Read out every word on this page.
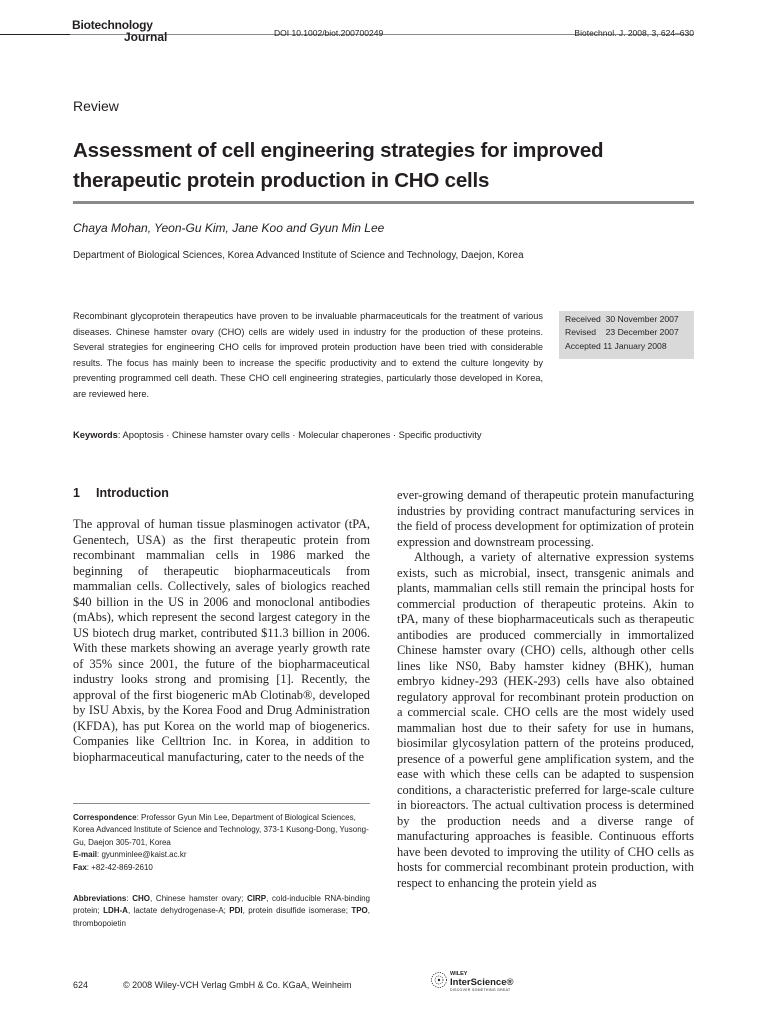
Biotechnology
Journal	DOI 10.1002/biot.200700249	Biotechnol. J. 2008, 3, 624–630
Review
Assessment of cell engineering strategies for improved therapeutic protein production in CHO cells
Chaya Mohan, Yeon-Gu Kim, Jane Koo and Gyun Min Lee
Department of Biological Sciences, Korea Advanced Institute of Science and Technology, Daejon, Korea
Recombinant glycoprotein therapeutics have proven to be invaluable pharmaceuticals for the treatment of various diseases. Chinese hamster ovary (CHO) cells are widely used in industry for the production of these proteins. Several strategies for engineering CHO cells for improved protein production have been tried with considerable results. The focus has mainly been to increase the specific productivity and to extend the culture longevity by preventing programmed cell death. These CHO cell engineering strategies, particularly those developed in Korea, are reviewed here.
Received 30 November 2007
Revised 23 December 2007
Accepted 11 January 2008
Keywords: Apoptosis · Chinese hamster ovary cells · Molecular chaperones · Specific productivity
1 Introduction

The approval of human tissue plasminogen activator (tPA, Genentech, USA) as the first therapeutic protein from recombinant mammalian cells in 1986 marked the beginning of therapeutic biopharmaceuticals from mammalian cells. Collectively, sales of biologics reached $40 billion in the US in 2006 and monoclonal antibodies (mAbs), which represent the second largest category in the US biotech drug market, contributed $11.3 billion in 2006. With these markets showing an average yearly growth rate of 35% since 2001, the future of the biopharmaceutical industry looks strong and promising [1]. Recently, the approval of the first biogeneric mAb Clotinab®, developed by ISU Abxis, by the Korea Food and Drug Administration (KFDA), has put Korea on the world map of biogenerics. Companies like Celltrion Inc. in Korea, in addition to biopharmaceutical manufacturing, cater to the needs of the

ever-growing demand of therapeutic protein manufacturing industries by providing contract manufacturing services in the field of process development for optimization of protein expression and downstream processing.

Although, a variety of alternative expression systems exists, such as microbial, insect, transgenic animals and plants, mammalian cells still remain the principal hosts for commercial production of therapeutic proteins. Akin to tPA, many of these biopharmaceuticals such as therapeutic antibodies are produced commercially in immortalized Chinese hamster ovary (CHO) cells, although other cells lines like NS0, Baby hamster kidney (BHK), human embryo kidney-293 (HEK-293) cells have also obtained regulatory approval for recombinant protein production on a commercial scale. CHO cells are the most widely used mammalian host due to their safety for use in humans, biosimilar glycosylation pattern of the proteins produced, presence of a powerful gene amplification system, and the ease with which these cells can be adapted to suspension conditions, a characteristic preferred for large-scale culture in bioreactors. The actual cultivation process is determined by the production needs and a diverse range of manufacturing approaches is feasible. Continuous efforts have been devoted to improving the utility of CHO cells as hosts for commercial recombinant protein production, with respect to enhancing the protein yield as

Correspondence: Professor Gyun Min Lee, Department of Biological Sciences, Korea Advanced Institute of Science and Technology, 373-1 Kusong-Dong, Yusong-Gu, Daejon 305-701, Korea
E-mail: gyunminlee@kaist.ac.kr
Fax: +82-42-869-2610
Abbreviations: CHO, Chinese hamster ovary; CIRP, cold-inducible RNA-binding protein; LDH-A, lactate dehydrogenase-A; PDI, protein disulfide isomerase; TPO, thrombopoietin
624	© 2008 Wiley-VCH Verlag GmbH & Co. KGaA, Weinheim
WILEY
InterScience®
DISCOVER SOMETHING GREAT
